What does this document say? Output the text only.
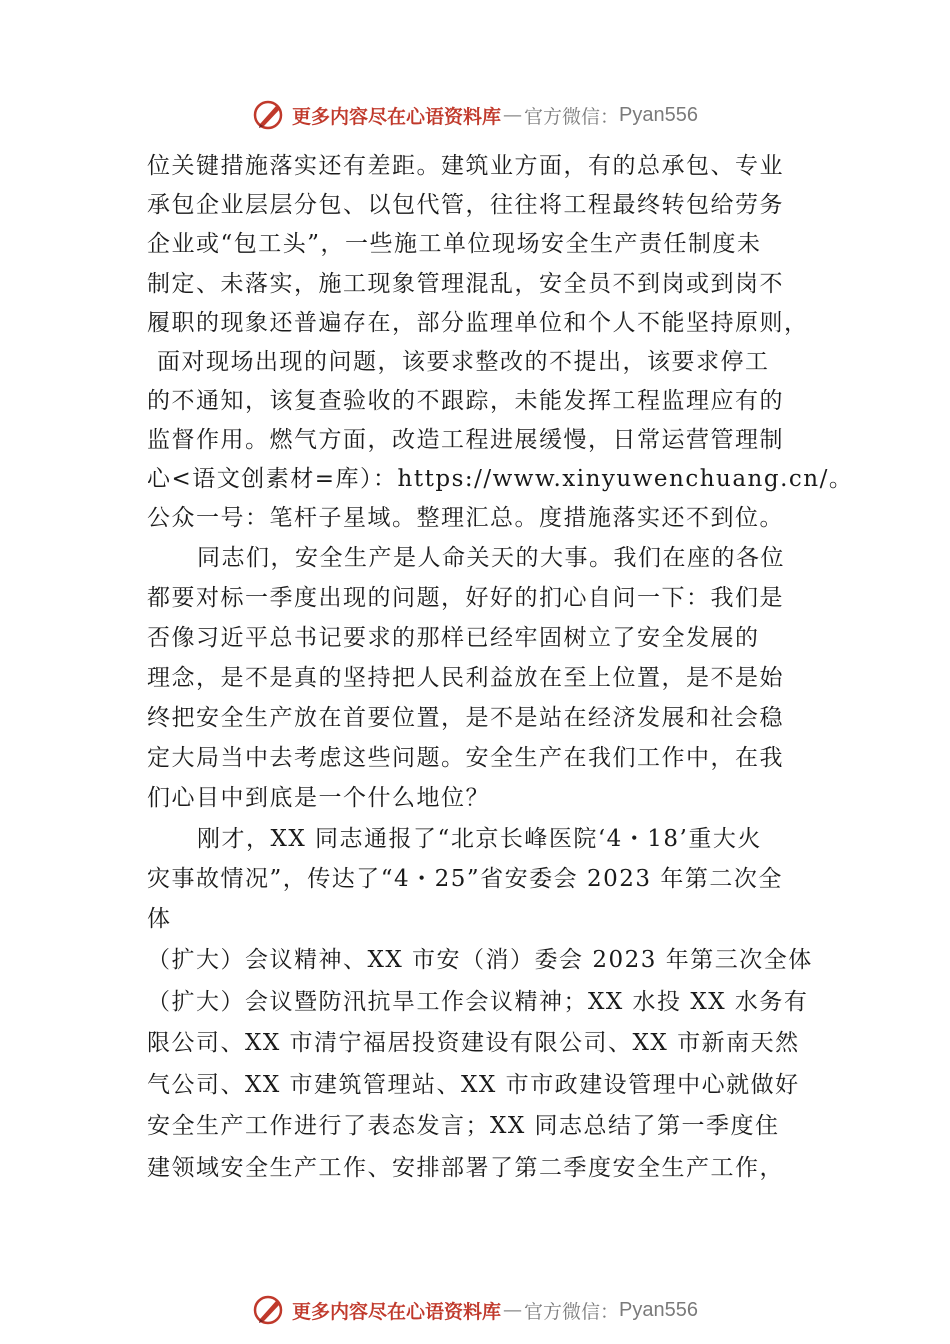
更多内容尽在心语资料库 — 官方微信： Pyan556
位关键措施落实还有差距。建筑业方面，有的总承包、专业
承包企业层层分包、以包代管，往往将工程最终转包给劳务
企业或“包工头”，一些施工单位现场安全生产责任制度未
制定、未落实，施工现象管理混乱，安全员不到岗或到岗不
履职的现象还普遍存在，部分监理单位和个人不能坚持原则，
面对现场出现的问题，该要求整改的不提出，该要求停工
的不通知，该复查验收的不跟踪，未能发挥工程监理应有的
监督作用。燃气方面，改造工程进展缓慢，日常运营管理制
心<语文创素材=库）：https://www.xinyuwenchuang.cn/。
公众一号：笔杆子星域。整理汇总。度措施落实还不到位。
同志们，安全生产是人命关天的大事。我们在座的各位
都要对标一季度出现的问题，好好的扪心自问一下：我们是
否像习近平总书记要求的那样已经牢固树立了安全发展的
理念，是不是真的坚持把人民利益放在至上位置，是不是始
终把安全生产放在首要位置，是不是站在经济发展和社会稳
定大局当中去考虑这些问题。安全生产在我们工作中，在我
们心目中到底是一个什么地位？
刚才，XX 同志通报了“北京长峰医院‘4・18’重大火
灾事故情况”，传达了“4・25”省安委会 2023 年第二次全
体
（扩大）会议精神、XX 市安（消）委会 2023 年第三次全体
（扩大）会议暨防汛抗旱工作会议精神；XX 水投 XX 水务有
限公司、XX 市清宁福居投资建设有限公司、XX 市新南天然
气公司、XX 市建筑管理站、XX 市市政建设管理中心就做好
安全生产工作进行了表态发言；XX 同志总结了第一季度住
建领域安全生产工作、安排部署了第二季度安全生产工作，
更多内容尽在心语资料库 — 官方微信： Pyan556
